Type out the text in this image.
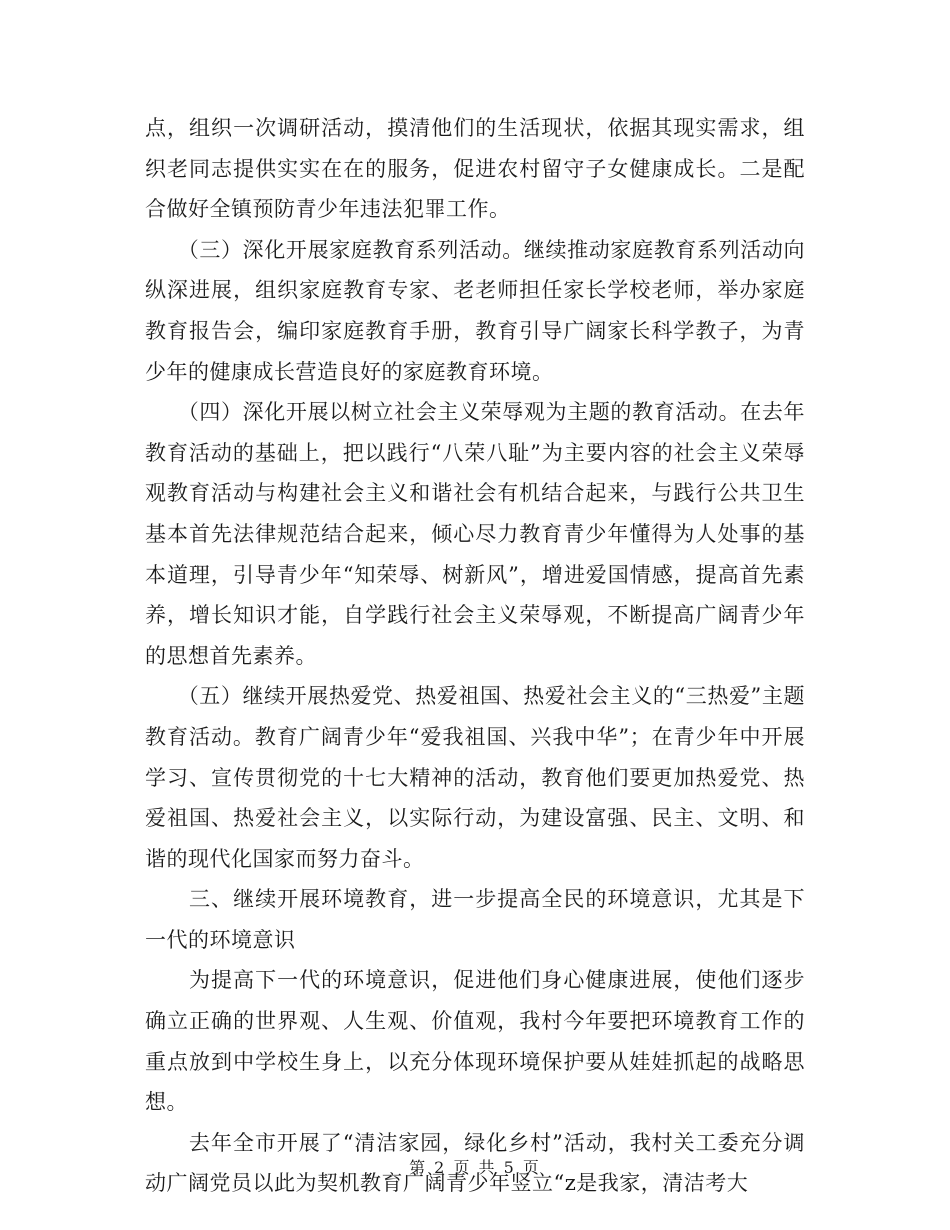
点，组织一次调研活动，摸清他们的生活现状，依据其现实需求，组织老同志提供实实在在的服务，促进农村留守子女健康成长。二是配合做好全镇预防青少年违法犯罪工作。

　　（三）深化开展家庭教育系列活动。继续推动家庭教育系列活动向纵深进展，组织家庭教育专家、老老师担任家长学校老师，举办家庭教育报告会，编印家庭教育手册，教育引导广阔家长科学教子，为青少年的健康成长营造良好的家庭教育环境。

　　（四）深化开展以树立社会主义荣辱观为主题的教育活动。在去年教育活动的基础上，把以践行“八荣八耻”为主要内容的社会主义荣辱观教育活动与构建社会主义和谐社会有机结合起来，与践行公共卫生基本首先法律规范结合起来，倾心尽力教育青少年懂得为人处事的基本道理，引导青少年“知荣辱、树新风”，增进爱国情感，提高首先素养，增长知识才能，自学践行社会主义荣辱观，不断提高广阔青少年的思想首先素养。

　　（五）继续开展热爱党、热爱祖国、热爱社会主义的“三热爱”主题教育活动。教育广阔青少年“爱我祖国、兴我中华”；在青少年中开展学习、宣传贯彻党的十七大精神的活动，教育他们要更加热爱党、热爱祖国、热爱社会主义，以实际行动，为建设富强、民主、文明、和谐的现代化国家而努力奋斗。

　　三、继续开展环境教育，进一步提高全民的环境意识，尤其是下一代的环境意识

　　为提高下一代的环境意识，促进他们身心健康进展，使他们逐步确立正确的世界观、人生观、价值观，我村今年要把环境教育工作的重点放到中学校生身上，以充分体现环境保护要从娃娃抓起的战略思想。

　　去年全市开展了“清洁家园，绿化乡村”活动，我村关工委充分调动广阔党员以此为契机教育广阔青少年竖立“z是我家，清洁考大

第 2 页 共 5 页
